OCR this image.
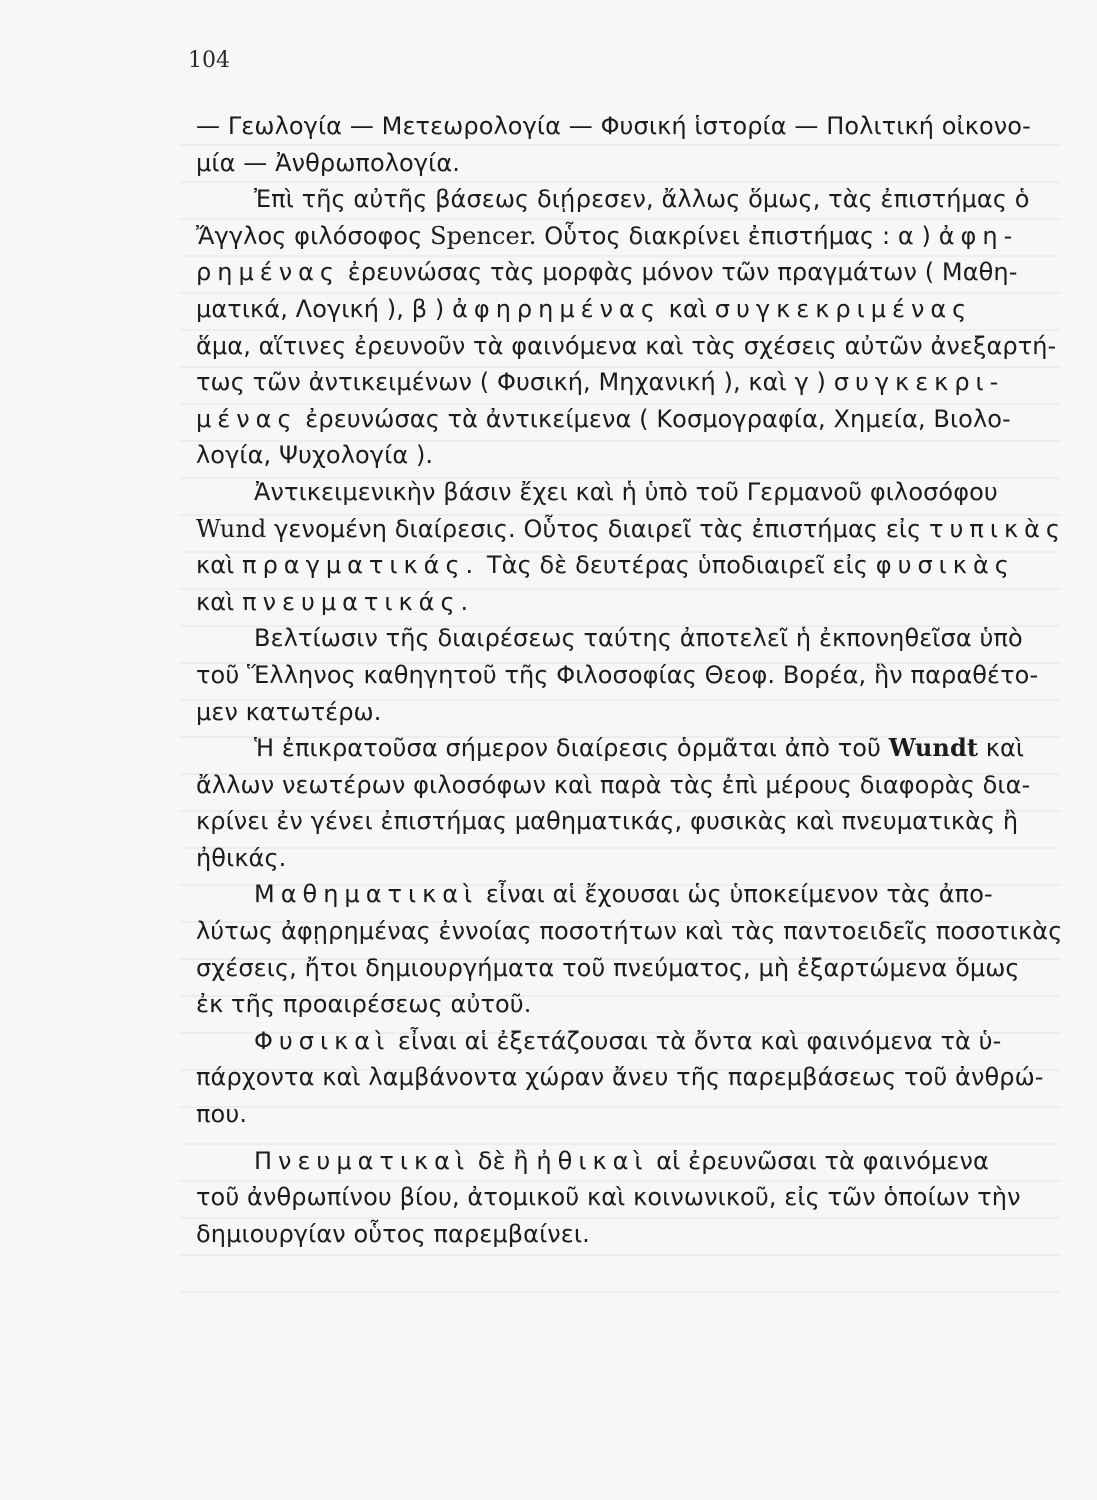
104
— Γεωλογία — Μετεωρολογία — Φυσική ἱστορία — Πολιτική οἰκονο-
μία — Ἀνθρωπολογία.
Ἐπὶ τῆς αὐτῆς βάσεως διῄρεσεν, ἄλλως ὅμως, τὰς ἐπιστήμας ὁ
Ἄγγλος φιλόσοφος Spencer. Οὗτος διακρίνει ἐπιστήμας : α ) ἀφη-
ρημένας ἐρευνώσας τὰς μορφὰς μόνον τῶν πραγμάτων ( Μαθη-
ματικά, Λογική ), β ) ἀφηρημένας καὶ συγκεκριμένας
ἅμα, αἵτινες ἐρευνοῦν τὰ φαινόμενα καὶ τὰς σχέσεις αὐτῶν ἀνεξαρτή-
τως τῶν ἀντικειμένων ( Φυσική, Μηχανική ), καὶ γ ) συγκεκρι-
μένας ἐρευνώσας τὰ ἀντικείμενα ( Κοσμογραφία, Χημεία, Βιολο-
λογία, Ψυχολογία ).
Ἀντικειμενικὴν βάσιν ἔχει καὶ ἡ ὑπὸ τοῦ Γερμανοῦ φιλοσόφου
Wund γενομένη διαίρεσις. Οὗτος διαιρεῖ τὰς ἐπιστήμας εἰς τυπικὰς
καὶ πραγματικάς. Τὰς δὲ δευτέρας ὑποδιαιρεῖ εἰς φυσικὰς
καὶ πνευματικάς.
Βελτίωσιν τῆς διαιρέσεως ταύτης ἀποτελεῖ ἡ ἐκπονηθεῖσα ὑπὸ
τοῦ Ἕλληνος καθηγητοῦ τῆς Φιλοσοφίας Θεοφ. Βορέα, ἣν παραθέτο-
μεν κατωτέρω.
Ἡ ἐπικρατοῦσα σήμερον διαίρεσις ὁρμᾶται ἀπὸ τοῦ Wundt καὶ
ἄλλων νεωτέρων φιλοσόφων καὶ παρὰ τὰς ἐπὶ μέρους διαφορὰς δια-
κρίνει ἐν γένει ἐπιστήμας μαθηματικάς, φυσικὰς καὶ πνευματικὰς ἢ
ἠθικάς.
Μαθηματικαὶ εἶναι αἱ ἔχουσαι ὡς ὑποκείμενον τὰς ἀπο-
λύτως ἀφῃρημένας ἐννοίας ποσοτήτων καὶ τὰς παντοειδεῖς ποσοτικὰς
σχέσεις, ἤτοι δημιουργήματα τοῦ πνεύματος, μὴ ἐξαρτώμενα ὅμως
ἐκ τῆς προαιρέσεως αὐτοῦ.
Φυσικαὶ εἶναι αἱ ἐξετάζουσαι τὰ ὄντα καὶ φαινόμενα τὰ ὑ-
πάρχοντα καὶ λαμβάνοντα χώραν ἄνευ τῆς παρεμβάσεως τοῦ ἀνθρώ-
που.
Πνευματικαὶ δὲ ἢ ἠθικαὶ αἱ ἐρευνῶσαι τὰ φαινόμενα
τοῦ ἀνθρωπίνου βίου, ἀτομικοῦ καὶ κοινωνικοῦ, εἰς τῶν ὁποίων τὴν
δημιουργίαν οὗτος παρεμβαίνει.
